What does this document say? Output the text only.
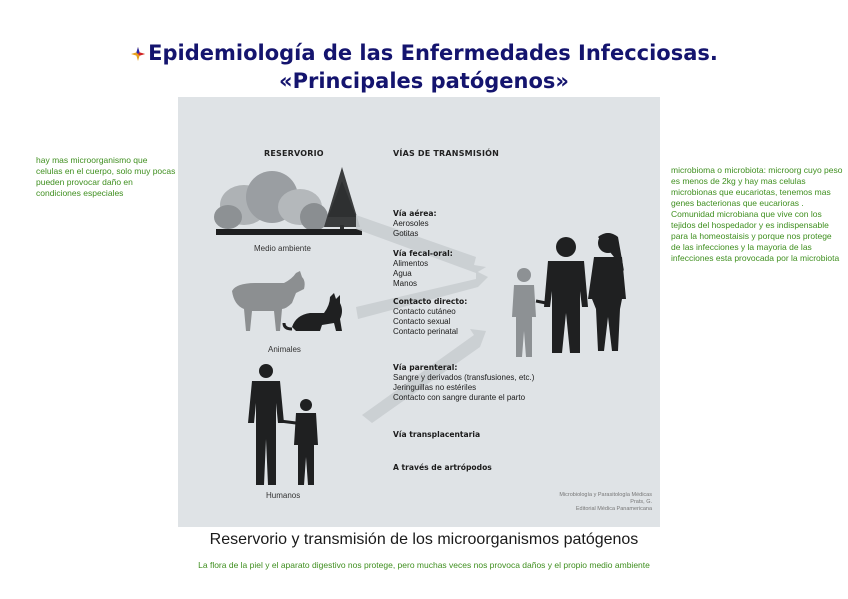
Epidemiología de las Enfermedades Infecciosas.
«Principales patógenos»
RESERVORIO	VÍAS DE TRANSMISIÓN
Medio ambiente
Animales
Humanos
Vía aérea:
Aerosoles
Gotitas
Vía fecal-oral:
Alimentos
Agua
Manos
Contacto directo:
Contacto cutáneo
Contacto sexual
Contacto perinatal
Vía parenteral:
Sangre y derivados (transfusiones, etc.)
Jeringuillas no estériles
Contacto con sangre durante el parto
Vía transplacentaria
A través de artrópodos
Microbiología y Parasitología Médicas
Prats, G.
Editorial Médica Panamericana
Reservorio y transmisión de los microorganismos patógenos
hay mas microorganismo que celulas en el cuerpo, solo muy pocas pueden provocar daño en condiciones especiales
microbioma o microbiota: microorg cuyo peso es menos de 2kg y hay mas celulas microbionas que eucariotas, tenemos mas genes bacterionas que eucarioras . Comunidad microbiana que vive con los tejidos del hospedador y es indispensable para la homeostaisis y porque nos protege de las infecciones y la mayoria de las infecciones esta provocada por la microbiota
La flora de la piel y el aparato digestivo nos protege, pero muchas veces nos provoca daños y el propio medio ambiente
